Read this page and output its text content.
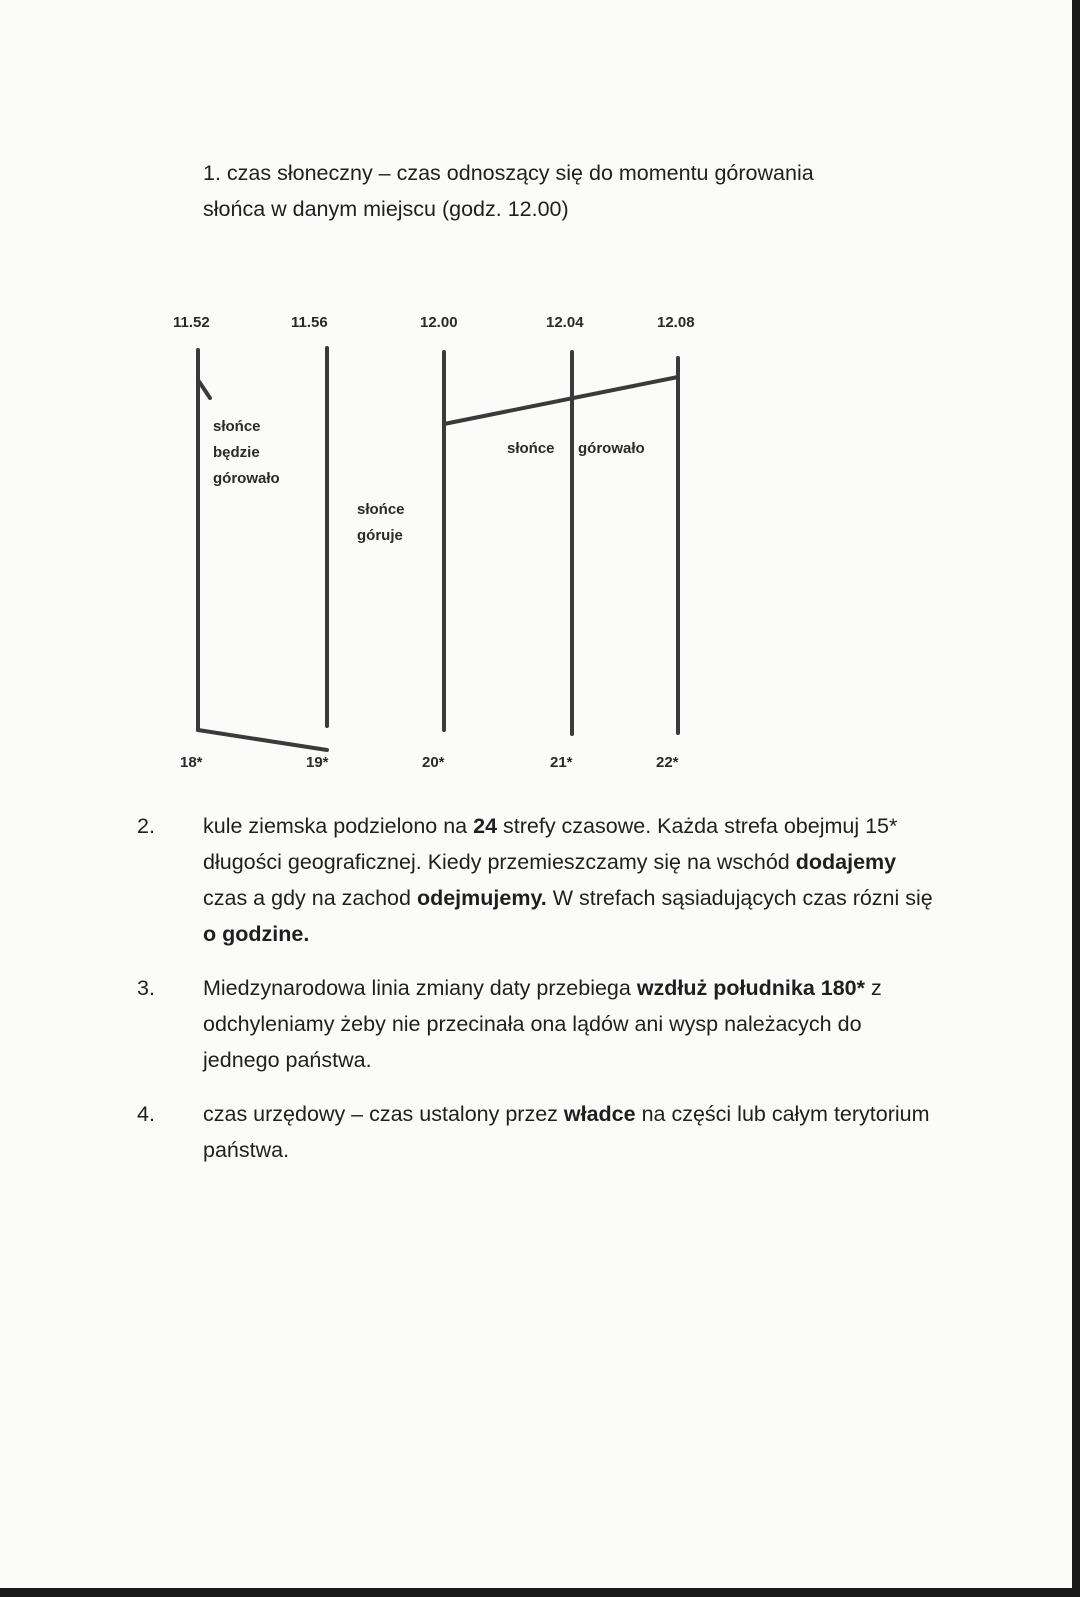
1. czas słoneczny – czas odnoszący się do momentu górowania
słońca w danym miejscu (godz. 12.00)

11.52	11.56	12.00	12.04	12.08
słońce
będzie
górowało
słońce
góruje
słońce górowało
18*	19*	20*	21*	22*

2. kule ziemska podzielono na 24 strefy czasowe. Każda strefa obejmuj 15* długości geograficznej. Kiedy przemieszczamy się na wschód dodajemy czas a gdy na zachod odejmujemy. W strefach sąsiadujących czas rózni się o godzine.

3. Miedzynarodowa linia zmiany daty przebiega wzdłuż południka 180* z odchyleniamy żeby nie przecinała ona lądów ani wysp należacych do jednego państwa.

4. czas urzędowy – czas ustalony przez władce na części lub całym terytorium państwa.
